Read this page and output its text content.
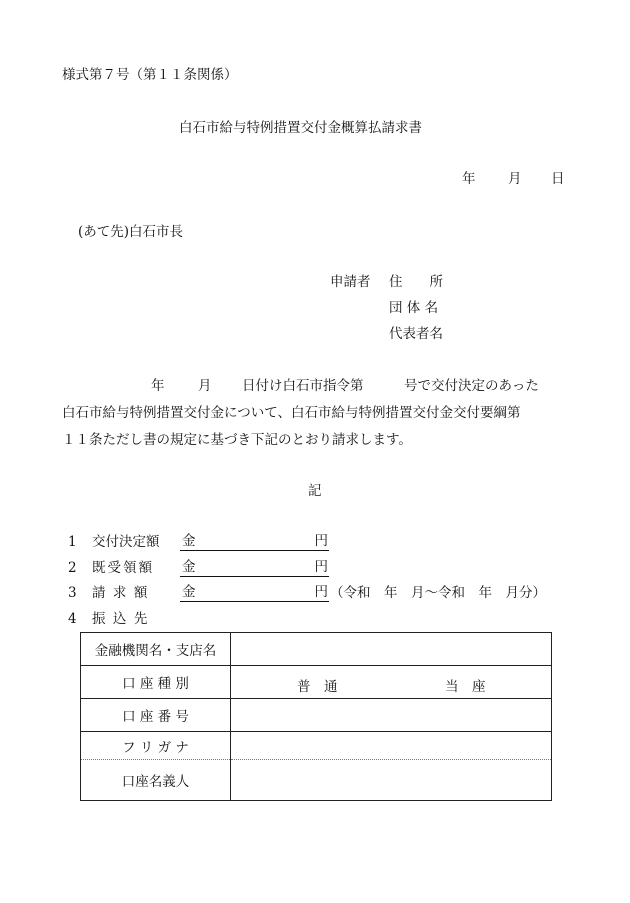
様式第７号（第１１条関係）
白石市給与特例措置交付金概算払請求書
年 月 日
(あて先)白石市長
申請者 住　　所
団 体 名
代表者名
年 月 日付け白石市指令第	号で交付決定のあった
白石市給与特例措置交付金について、白石市給与特例措置交付金交付要綱第
１１条ただし書の規定に基づき下記のとおり請求します。
記
1 交付決定額 金	円
2 既受領額 金	円
3 請求額 金	円 （令和　年　月～令和　年　月分）
4 振込先
金融機関名・支店名	
口 座 種 別	普　通 当　座

口 座 番 号	
フ リ ガ ナ	
口座名義人	
